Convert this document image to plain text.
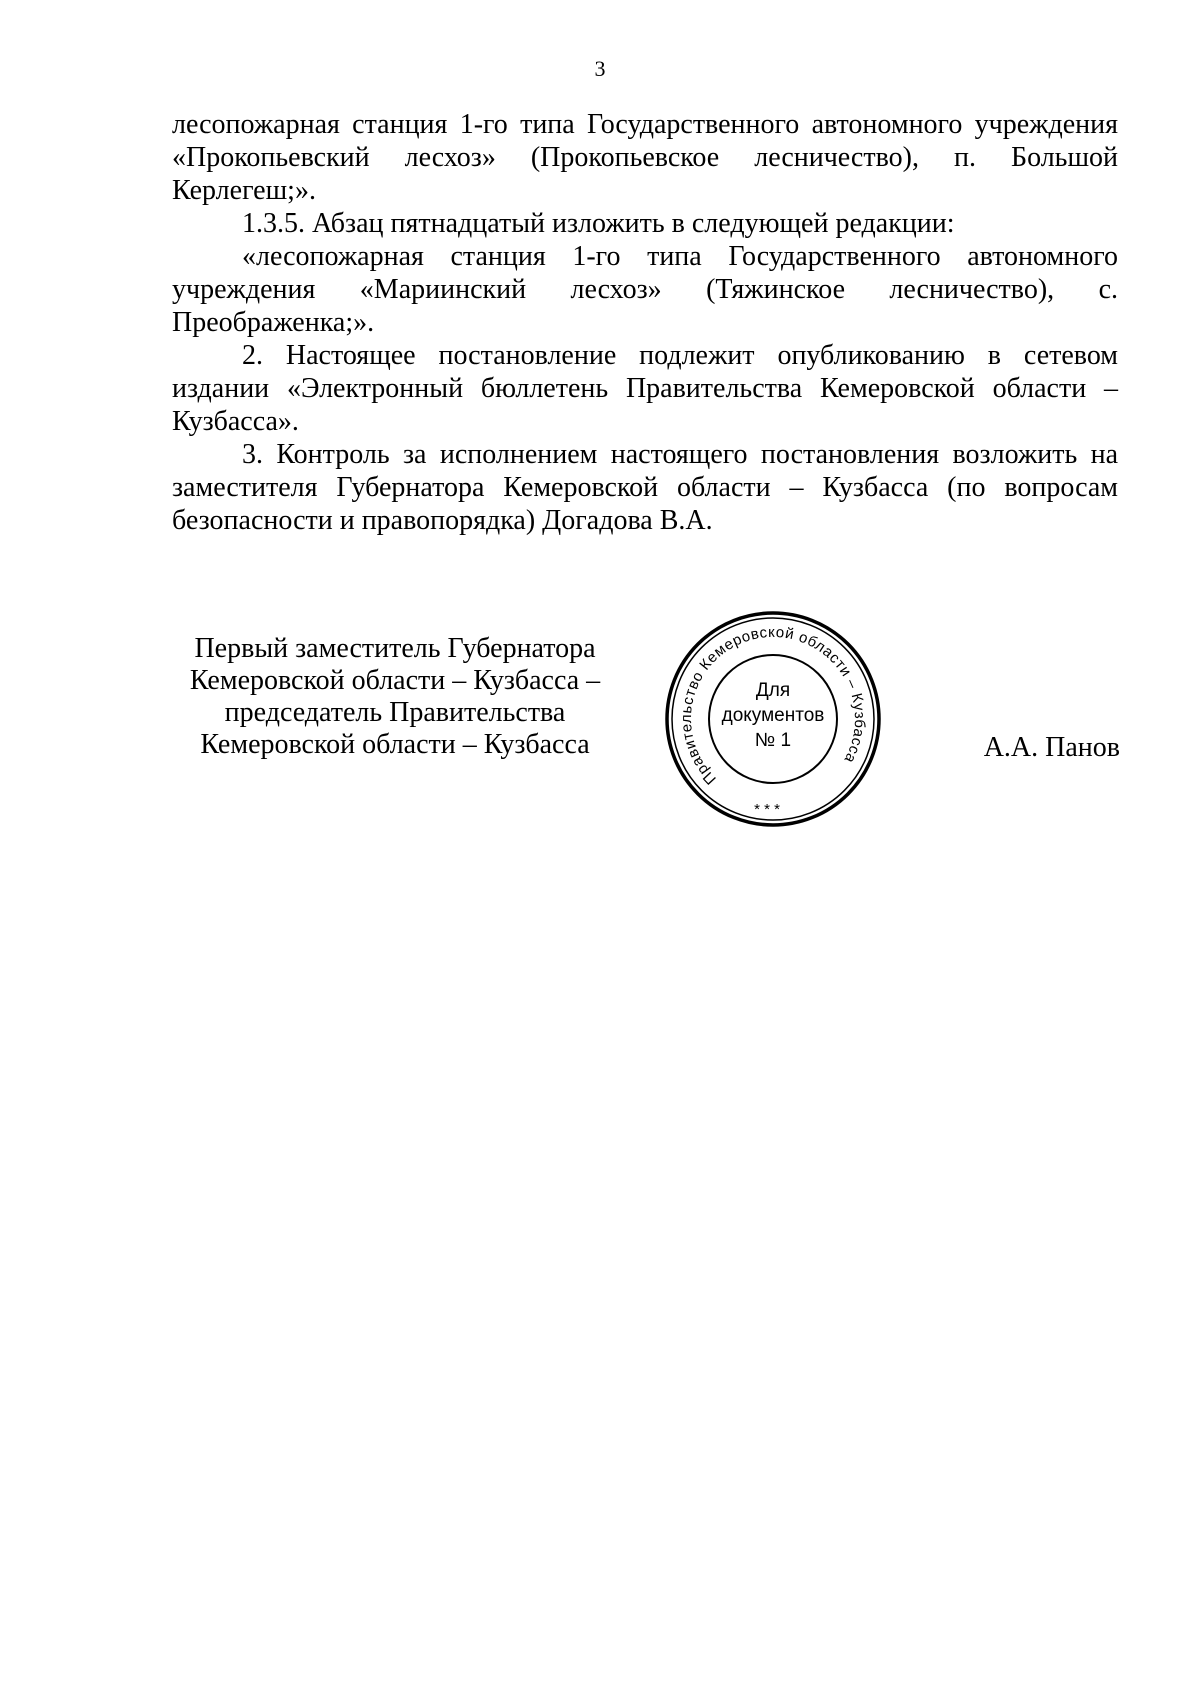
3

лесопожарная станция 1-го типа Государственного автономного учреждения «Прокопьевский лесхоз» (Прокопьевское лесничество), п. Большой Керлегеш;».

1.3.5. Абзац пятнадцатый изложить в следующей редакции:

«лесопожарная станция 1-го типа Государственного автономного учреждения «Мариинский лесхоз» (Тяжинское лесничество), с. Преображенка;».

2. Настоящее постановление подлежит опубликованию в сетевом издании «Электронный бюллетень Правительства Кемеровской области – Кузбасса».

3. Контроль за исполнением настоящего постановления возложить на заместителя Губернатора Кемеровской области – Кузбасса (по вопросам безопасности и правопорядка) Догадова В.А.

Первый заместитель Губернатора
Кемеровской области – Кузбасса –
председатель Правительства
Кемеровской области – Кузбасса
Правительство Кемеровской области – Кузбасса
* * *
Для
документов
№ 1	А.А. Панов
